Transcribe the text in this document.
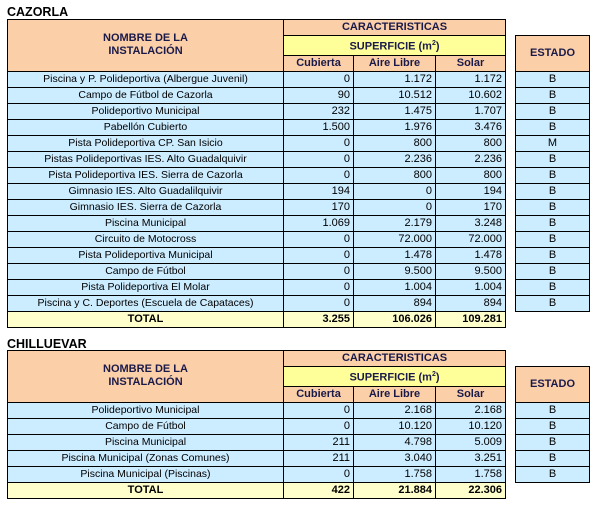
CAZORLA
NOMBRE DE LA INSTALACIÓN	CARACTERISTICAS				
	SUPERFICIE $(m^2)$				ESTADO
	Cubierta	Aire Libre	Solar		
Piscina y P. Polideportiva (Albergue Juvenil)	0	1.172	1.172		B
Campo de Fútbol de Cazorla	90	10.512	10.602		B
Polideportivo Municipal	232	1.475	1.707		B
Pabellón Cubierto	1.500	1.976	3.476		B
Pista Polideportiva CP. San Isicio	0	800	800		M
Pistas Polideportivas IES. Alto Guadalquivir	0	2.236	2.236		B
Pista Polideportiva IES. Sierra de Cazorla	0	800	800		B
Gimnasio IES. Alto Guadalilquivir	194	0	194		B
Gimnasio IES. Sierra de Cazorla	170	0	170		B
Piscina Municipal	1.069	2.179	3.248		B
Circuito de Motocross	0	72.000	72.000		B
Pista Polideportiva Municipal	0	1.478	1.478		B
Campo de Fútbol	0	9.500	9.500		B
Pista Polideportiva El Molar	0	1.004	1.004		B
Piscina y C. Deportes (Escuela de Capataces)	0	894	894		B
TOTAL	3.255	106.026	109.281		
CHILLUEVAR
NOMBRE DE LA INSTALACIÓN	CARACTERISTICAS				
	SUPERFICIE $(m^2)$				ESTADO
	Cubierta	Aire Libre	Solar		
Polideportivo Municipal	0	2.168	2.168		B
Campo de Fútbol	0	10.120	10.120		B
Piscina Municipal	211	4.798	5.009		B
Piscina Municipal (Zonas Comunes)	211	3.040	3.251		B
Piscina Municipal (Piscinas)	0	1.758	1.758		B
TOTAL	422	21.884	22.306		
